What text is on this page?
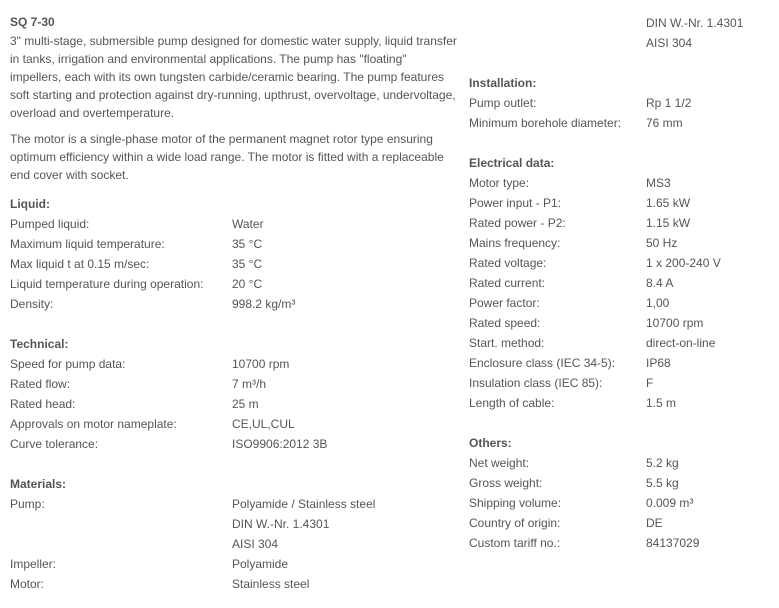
SQ 7-30
3" multi-stage, submersible pump designed for domestic water supply, liquid transfer in tanks, irrigation and environmental applications. The pump has "floating" impellers, each with its own tungsten carbide/ceramic bearing. The pump features soft starting and protection against dry-running, upthrust, overvoltage, undervoltage, overload and overtemperature.
The motor is a single-phase motor of the permanent magnet rotor type ensuring optimum efficiency within a wide load range. The motor is fitted with a replaceable end cover with socket.
Liquid:
Pumped liquid:	Water
Maximum liquid temperature:	35 °C
Max liquid t at 0.15 m/sec:	35 °C
Liquid temperature during operation:	20 °C
Density:	998.2 kg/m³
Technical:
Speed for pump data:	10700 rpm
Rated flow:	7 m³/h
Rated head:	25 m
Approvals on motor nameplate:	CE,UL,CUL
Curve tolerance:	ISO9906:2012 3B
Materials:
Pump:	Polyamide / Stainless steel
DIN W.-Nr. 1.4301
AISI 304
Impeller:	Polyamide
Motor:	Stainless steel
DIN W.-Nr. 1.4301
AISI 304
Installation:
Pump outlet:	Rp 1 1/2
Minimum borehole diameter:	76 mm
Electrical data:
Motor type:	MS3
Power input - P1:	1.65 kW
Rated power - P2:	1.15 kW
Mains frequency:	50 Hz
Rated voltage:	1 x 200-240 V
Rated current:	8.4 A
Power factor:	1,00
Rated speed:	10700 rpm
Start. method:	direct-on-line
Enclosure class (IEC 34-5):	IP68
Insulation class (IEC 85):	F
Length of cable:	1.5 m
Others:
Net weight:	5.2 kg
Gross weight:	5.5 kg
Shipping volume:	0.009 m³
Country of origin:	DE
Custom tariff no.:	84137029
